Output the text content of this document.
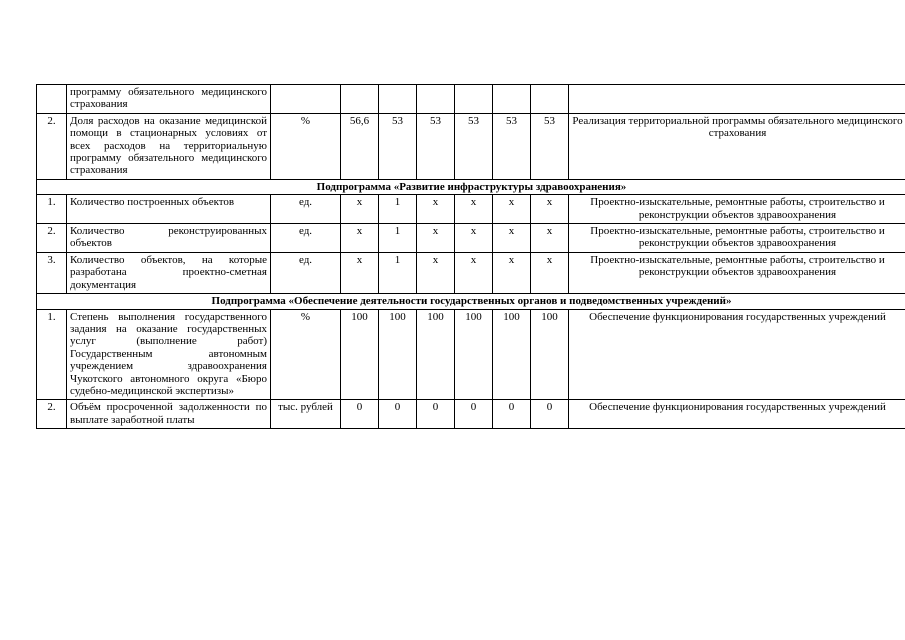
	программу обязательного медицинского страхования								
2.	Доля расходов на оказание медицинской помощи в стационарных условиях от всех расходов на территориальную программу обязательного медицинского страхования	%	56,6	53	53	53	53	53	Реализация территориальной программы обязательного медицинского страхования
Подпрограмма «Развитие инфраструктуры здравоохранения»									
1.	Количество построенных объектов	ед.	х	1	х	х	х	х	Проектно-изыскательные, ремонтные работы, строительство и реконструкции объектов здравоохранения
2.	Количество реконструированных объектов	ед.	х	1	х	х	х	х	Проектно-изыскательные, ремонтные работы, строительство и реконструкции объектов здравоохранения
3.	Количество объектов, на которые разработана проектно-сметная документация	ед.	х	1	х	х	х	х	Проектно-изыскательные, ремонтные работы, строительство и реконструкции объектов здравоохранения
Подпрограмма «Обеспечение деятельности государственных органов и подведомственных учреждений»									
1.	Степень выполнения государственного задания на оказание государственных услуг (выполнение работ) Государственным автономным учреждением здравоохранения Чукотского автономного округа «Бюро судебно-медицинской экспертизы»	%	100	100	100	100	100	100	Обеспечение функционирования государственных учреждений
2.	Объём просроченной задолженности по выплате заработной платы	тыс. рублей	0	0	0	0	0	0	Обеспечение функционирования государственных учреждений
